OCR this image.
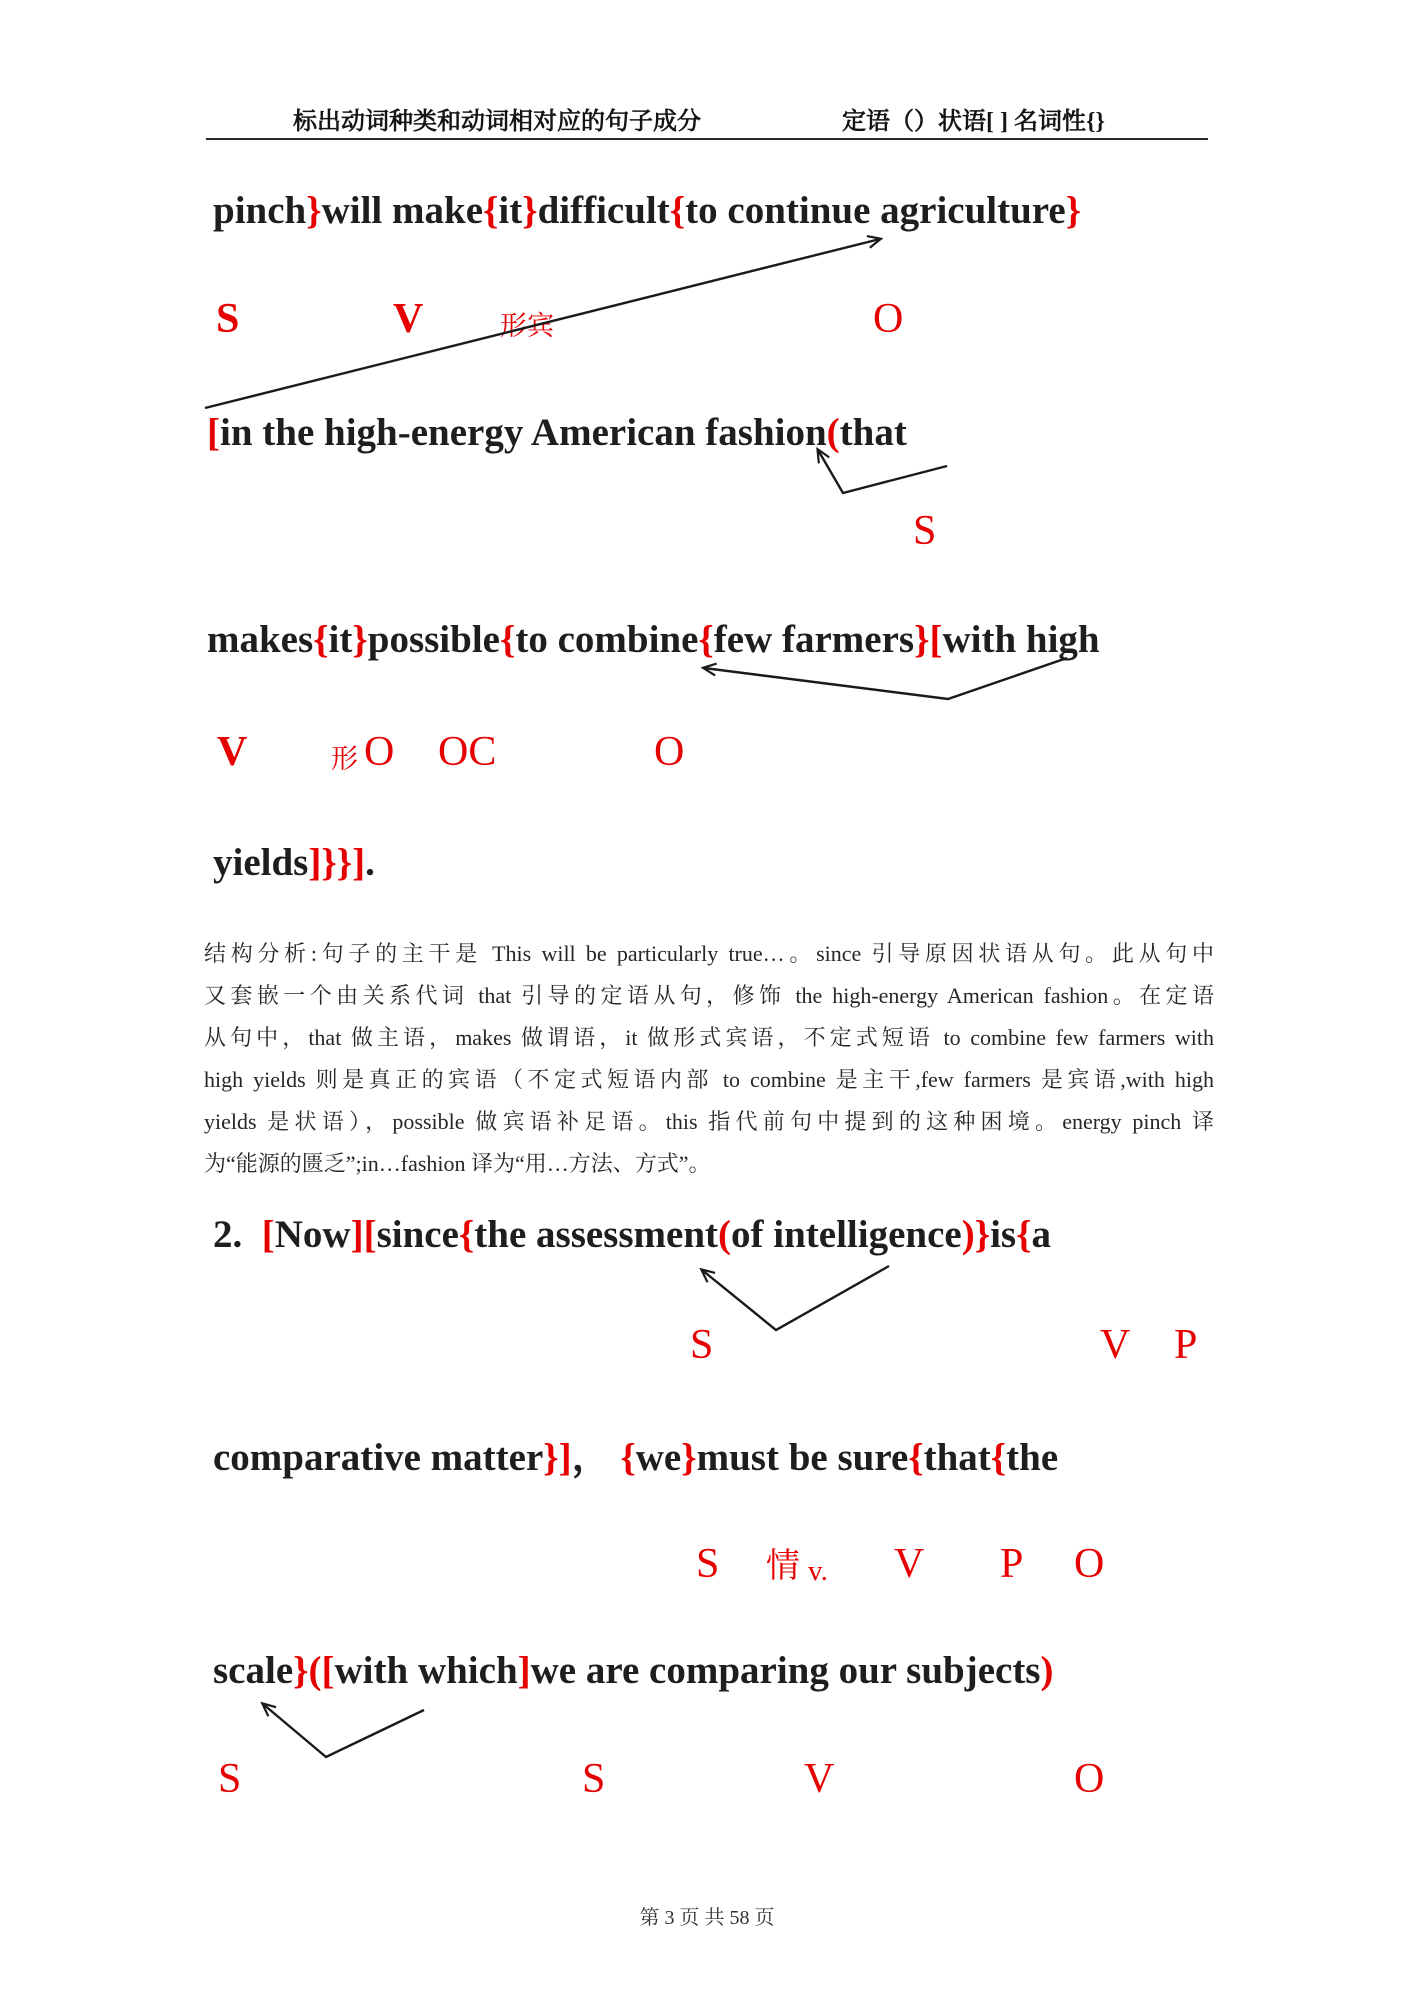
标出动词种类和动词相对应的句子成分	定语（）状语[ ] 名词性{}
pinch}will make{it}difficult{to continue agriculture}
[in the high-energy American fashion(that
makes{it}possible{to combine{few farmers}[with high
yields]}}].
S	V	形宾	O
S
V	形 O OC	O
结构分析:句子的主干是 This will be particularly true…。since 引导原因状语从句。此从句中
又套嵌一个由关系代词 that 引导的定语从句，修饰 the high-energy American fashion。在定语
从句中，that 做主语，makes 做谓语，it 做形式宾语，不定式短语 to combine few farmers with
high yields 则是真正的宾语（不定式短语内部 to combine 是主干,few farmers 是宾语,with high
yields 是状语），possible 做宾语补足语。this 指代前句中提到的这种困境。energy pinch 译
为“能源的匮乏”;in…fashion 译为“用…方法、方式”。
2.  [Now][since{the assessment(of intelligence)}is{a
comparative matter}]， {we}must be sure{that{the
scale}([with which]we are comparing our subjects)
S	V P
S 情 v. V P O
S	S	V	O
第 3 页 共 58 页
